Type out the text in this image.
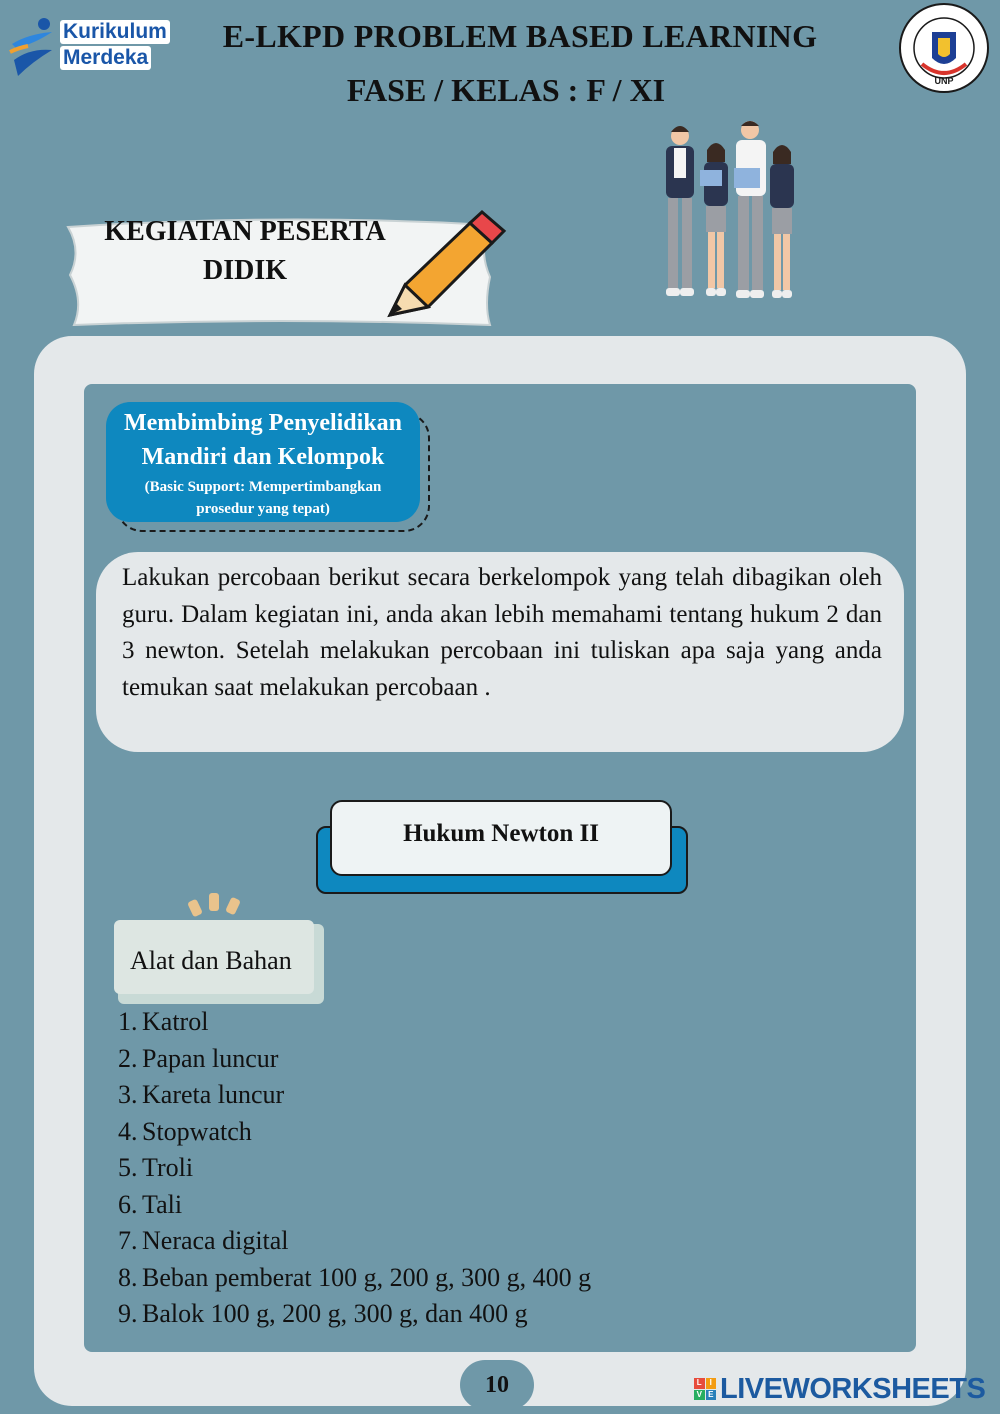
Kurikulum
Merdeka
E-LKPD PROBLEM BASED LEARNING
FASE / KELAS : F / XI	UNP
KEGIATAN PESERTA
DIDIK
Membimbing Penyelidikan
Mandiri dan Kelompok
(Basic Support: Mempertimbangkan
prosedur yang tepat)
Lakukan percobaan berikut secara berkelompok yang telah dibagikan oleh guru. Dalam kegiatan ini, anda akan lebih memahami tentang hukum 2 dan 3 newton. Setelah melakukan percobaan ini tuliskan apa saja yang anda temukan saat melakukan percobaan .
Hukum Newton II
Alat dan Bahan
1. Katrol
2. Papan luncur
3. Kareta luncur
4. Stopwatch
5. Troli
6. Tali
7. Neraca digital
8. Beban pemberat 100 g, 200 g, 300 g, 400 g
9. Balok 100 g, 200 g, 300 g, dan 400 g
10	L I
V E LIVEWORKSHEETS
